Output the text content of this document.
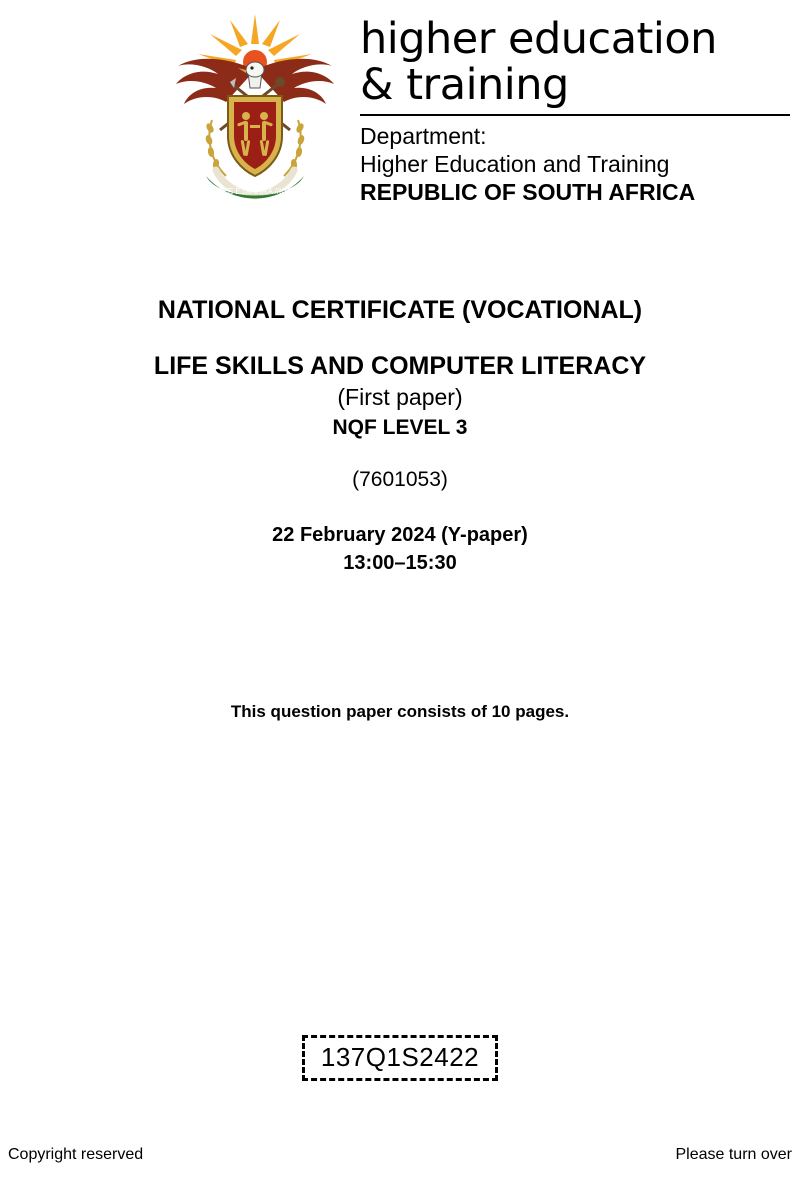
!KE E:/XARRA //KE
higher education
& training
Department:
Higher Education and Training
REPUBLIC OF SOUTH AFRICA
NATIONAL CERTIFICATE (VOCATIONAL)
LIFE SKILLS AND COMPUTER LITERACY
(First paper)
NQF LEVEL 3
(7601053)
22 February 2024 (Y-paper)
13:00–15:30
This question paper consists of 10 pages.
137Q1S2422
Copyright reserved	Please turn over
